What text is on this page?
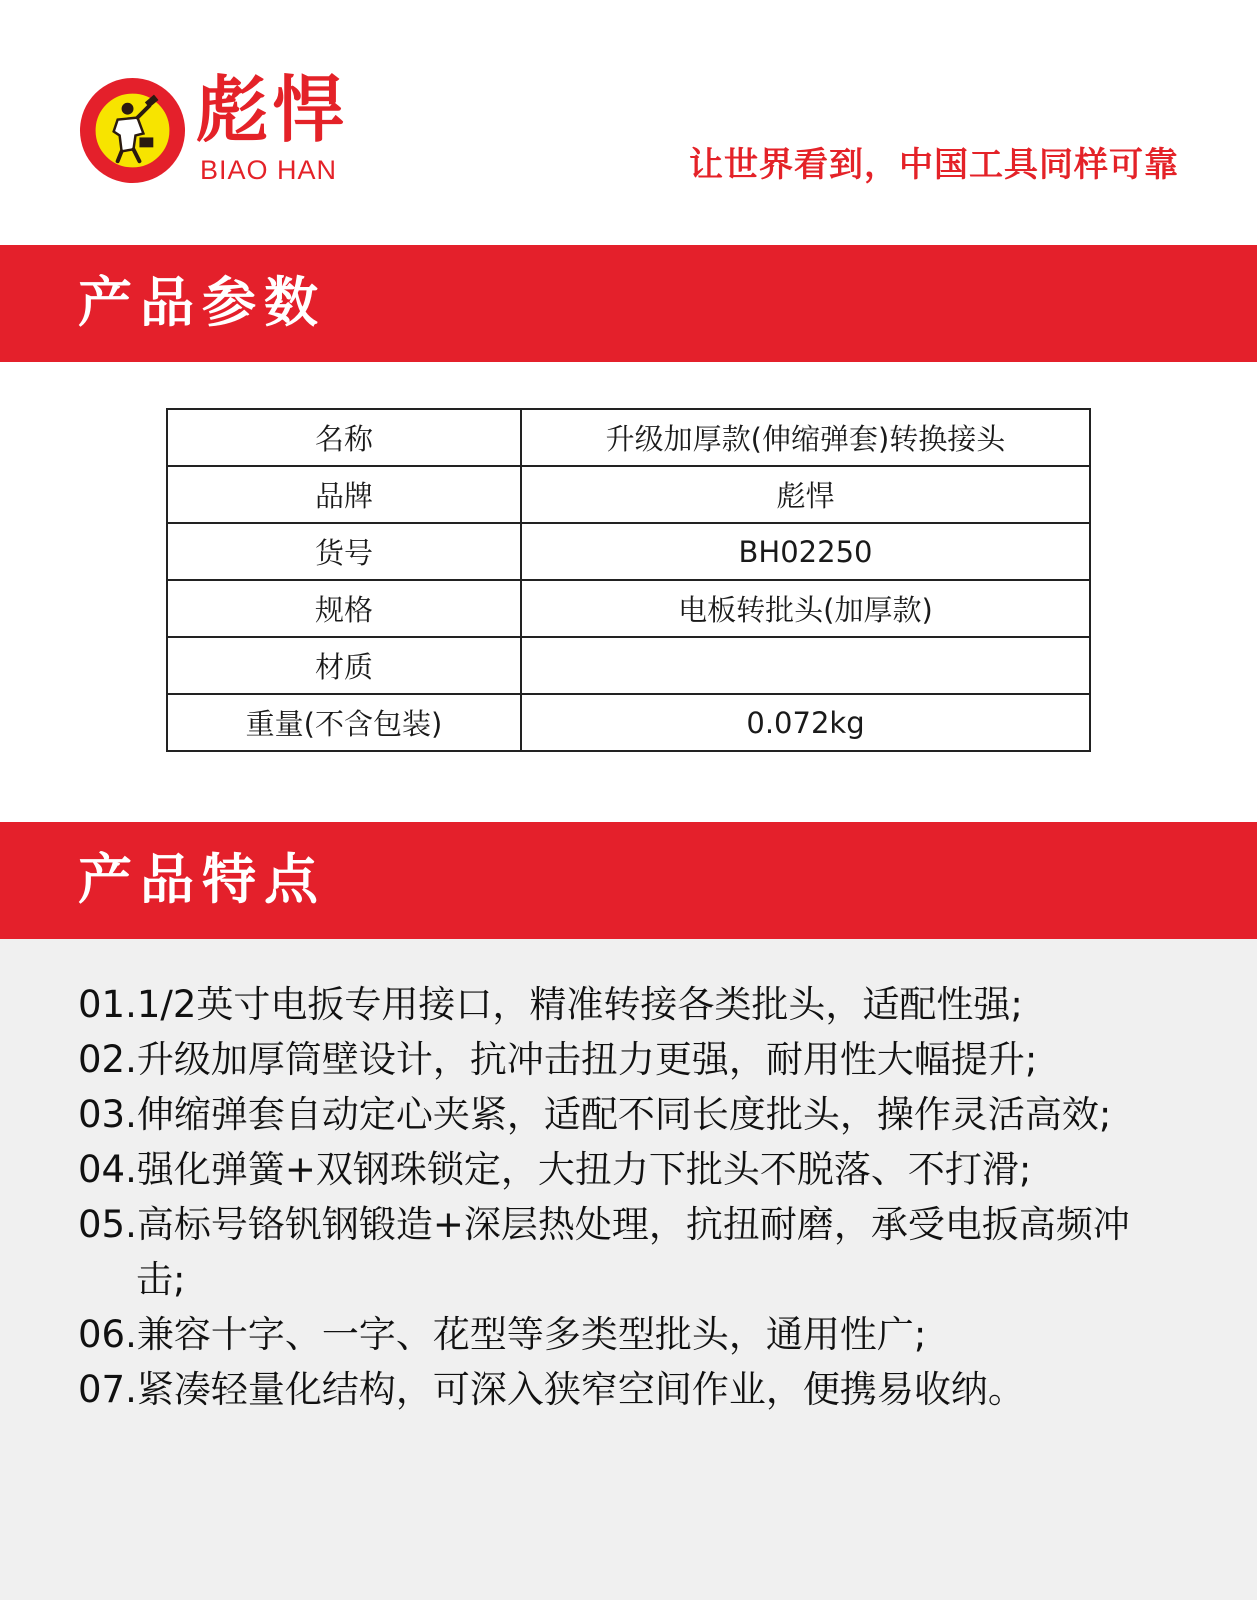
彪悍
BIAO HAN	让世界看到，中国工具同样可靠
产品参数
名称	升级加厚款(伸缩弹套)转换接头
品牌	彪悍
货号	BH02250
规格	电板转批头(加厚款)
材质	
重量(不含包装)	0.072kg
产品特点
01.1/2英寸电扳专用接口，精准转接各类批头，适配性强;
02.升级加厚筒壁设计，抗冲击扭力更强，耐用性大幅提升;
03.伸缩弹套自动定心夹紧，适配不同长度批头，操作灵活高效;
04.强化弹簧+双钢珠锁定，大扭力下批头不脱落、不打滑;
05.高标号铬钒钢锻造+深层热处理，抗扭耐磨，承受电扳高频冲击;
06.兼容十字、一字、花型等多类型批头，通用性广;
07.紧凑轻量化结构，可深入狭窄空间作业，便携易收纳。
